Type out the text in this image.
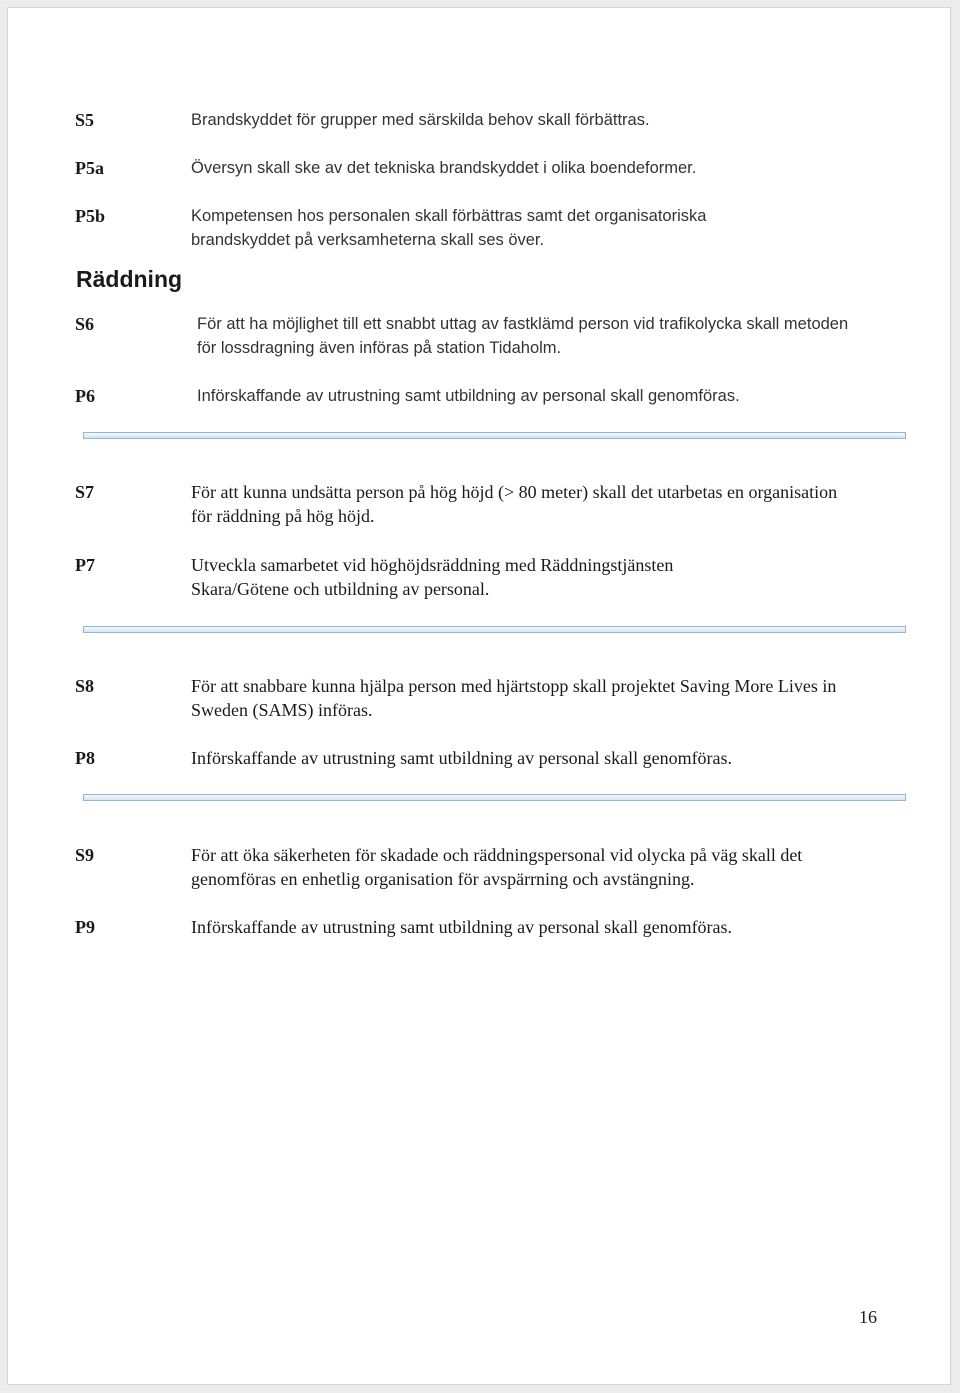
S5	Brandskyddet för grupper med särskilda behov skall förbättras.
P5a	Översyn skall ske av det tekniska brandskyddet i olika boendeformer.
P5b	Kompetensen hos personalen skall förbättras samt det organisatoriska brandskyddet på verksamheterna skall ses över.
Räddning
S6	För att ha möjlighet till ett snabbt uttag av fastklämd person vid trafikolycka skall metoden för lossdragning även införas på station Tidaholm.
P6	Införskaffande av utrustning samt utbildning av personal skall genomföras.
S7	För att kunna undsätta person på hög höjd (> 80 meter) skall det utarbetas en organisation för räddning på hög höjd.
P7	Utveckla samarbetet vid höghöjdsräddning med Räddningstjänsten Skara/Götene och utbildning av personal.
S8	För att snabbare kunna hjälpa person med hjärtstopp skall projektet Saving More Lives in Sweden (SAMS) införas.
P8	Införskaffande av utrustning samt utbildning av personal skall genomföras.
S9	För att öka säkerheten för skadade och räddningspersonal vid olycka på väg skall det genomföras en enhetlig organisation för avspärrning och avstängning.
P9	Införskaffande av utrustning samt utbildning av personal skall genomföras.
16
